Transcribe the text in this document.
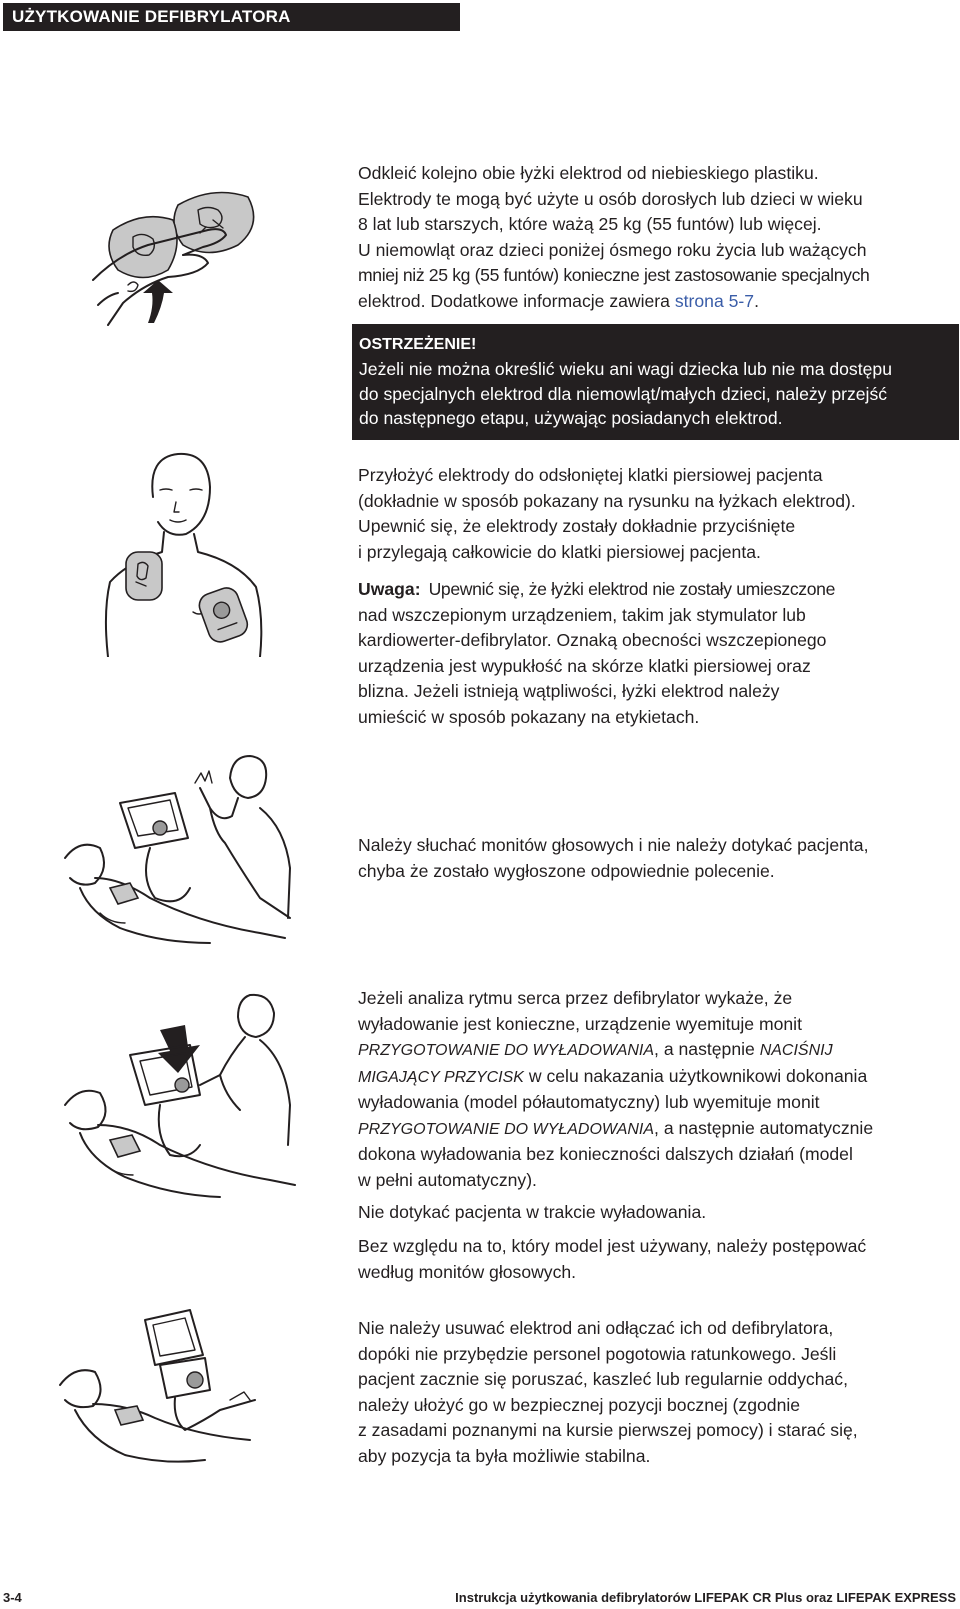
UŻYTKOWANIE DEFIBRYLATORA

Odkleić kolejno obie łyżki elektrod od niebieskiego plastiku.

Elektrody te mogą być użyte u osób dorosłych lub dzieci w wieku

8 lat lub starszych, które ważą 25 kg (55 funtów) lub więcej.

U niemowląt oraz dzieci poniżej ósmego roku życia lub ważących

mniej niż 25 kg (55 funtów) konieczne jest zastosowanie specjalnych

elektrod. Dodatkowe informacje zawiera strona 5-7.

OSTRZEŻENIE!
Jeżeli nie można określić wieku ani wagi dziecka lub nie ma dostępu
do specjalnych elektrod dla niemowląt/małych dzieci, należy przejść
do następnego etapu, używając posiadanych elektrod.

Przyłożyć elektrody do odsłoniętej klatki piersiowej pacjenta

(dokładnie w sposób pokazany na rysunku na łyżkach elektrod).

Upewnić się, że elektrody zostały dokładnie przyciśnięte

i przylegają całkowicie do klatki piersiowej pacjenta.

Uwaga: Upewnić się, że łyżki elektrod nie zostały umieszczone

nad wszczepionym urządzeniem, takim jak stymulator lub

kardiowerter-defibrylator. Oznaką obecności wszczepionego

urządzenia jest wypukłość na skórze klatki piersiowej oraz

blizna. Jeżeli istnieją wątpliwości, łyżki elektrod należy

umieścić w sposób pokazany na etykietach.

Należy słuchać monitów głosowych i nie należy dotykać pacjenta,

chyba że zostało wygłoszone odpowiednie polecenie.

Jeżeli analiza rytmu serca przez defibrylator wykaże, że

wyładowanie jest konieczne, urządzenie wyemituje monit

PRZYGOTOWANIE DO WYŁADOWANIA, a następnie NACIŚNIJ

MIGAJĄCY PRZYCISK w celu nakazania użytkownikowi dokonania

wyładowania (model półautomatyczny) lub wyemituje monit

PRZYGOTOWANIE DO WYŁADOWANIA, a następnie automatycznie

dokona wyładowania bez konieczności dalszych działań (model

w pełni automatyczny).

Nie dotykać pacjenta w trakcie wyładowania.

Bez względu na to, który model jest używany, należy postępować

według monitów głosowych.

Nie należy usuwać elektrod ani odłączać ich od defibrylatora,

dopóki nie przybędzie personel pogotowia ratunkowego. Jeśli

pacjent zacznie się poruszać, kaszleć lub regularnie oddychać,

należy ułożyć go w bezpiecznej pozycji bocznej (zgodnie

z zasadami poznanymi na kursie pierwszej pomocy) i starać się,

aby pozycja ta była możliwie stabilna.

3-4	Instrukcja użytkowania defibrylatorów LIFEPAK CR Plus oraz LIFEPAK EXPRESS
